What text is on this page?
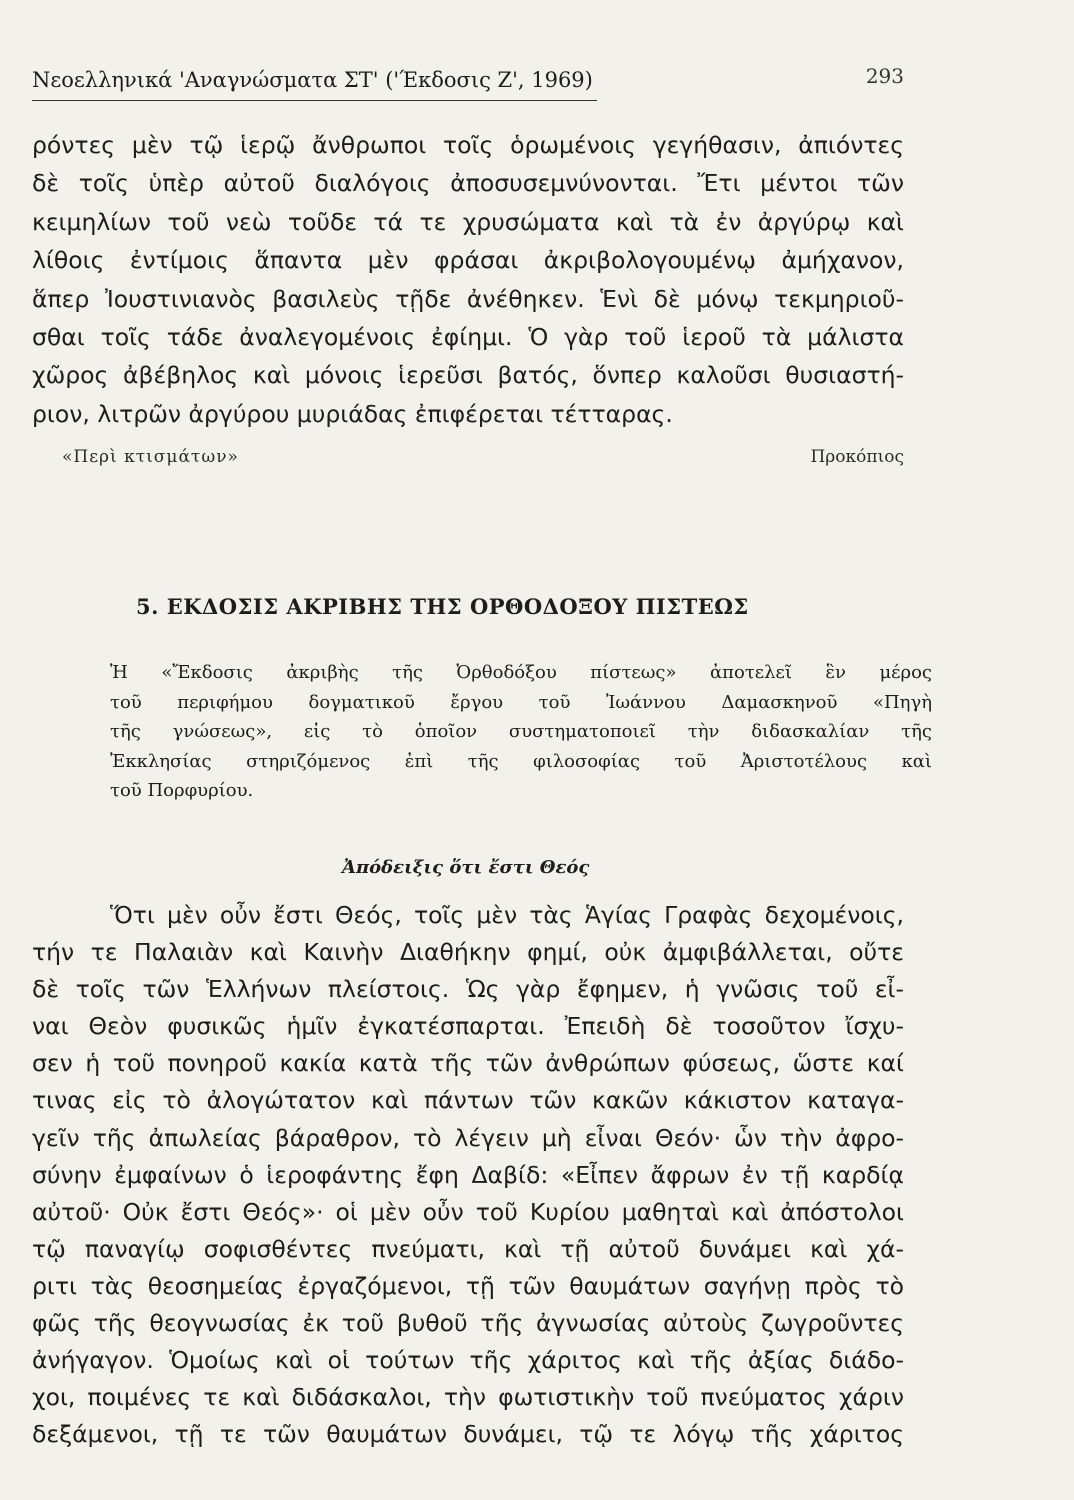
Νεοελληνικά 'Αναγνώσματα ΣΤ' ('Έκδοσις Ζ', 1969)	293
ρόντες μὲν τῷ ἱερῷ ἄνθρωποι τοῖς ὁρωμένοις γεγήθασιν, ἀπιόντες
δὲ τοῖς ὑπὲρ αὐτοῦ διαλόγοις ἀποσυσεμνύνονται. Ἔτι μέντοι τῶν
κειμηλίων τοῦ νεὼ τοῦδε τά τε χρυσώματα καὶ τὰ ἐν ἀργύρῳ καὶ
λίθοις ἐντίμοις ἅπαντα μὲν φράσαι ἀκριβολογουμένῳ ἀμήχανον,
ἅπερ Ἰουστινιανὸς βασιλεὺς τῇδε ἀνέθηκεν. Ἑνὶ δὲ μόνῳ τεκμηριοῦ-
σθαι τοῖς τάδε ἀναλεγομένοις ἐφίημι. Ὁ γὰρ τοῦ ἱεροῦ τὰ μάλιστα
χῶρος ἀβέβηλος καὶ μόνοις ἱερεῦσι βατός, ὅνπερ καλοῦσι θυσιαστή-
ριον, λιτρῶν ἀργύρου μυριάδας ἐπιφέρεται τέτταρας.
«Περὶ κτισμάτων»	Προκόπιος
5. ΕΚΔΟΣΙΣ ΑΚΡΙΒΗΣ ΤΗΣ ΟΡΘΟΔΟΞΟΥ ΠΙΣΤΕΩΣ
Ἡ «Ἔκδοσις ἀκριβὴς τῆς Ὀρθοδόξου πίστεως» ἀποτελεῖ ἓν μέρος
τοῦ περιφήμου δογματικοῦ ἔργου τοῦ Ἰωάννου Δαμασκηνοῦ «Πηγὴ
τῆς γνώσεως», εἰς τὸ ὁποῖον συστηματοποιεῖ τὴν διδασκαλίαν τῆς
Ἐκκλησίας στηριζόμενος ἐπὶ τῆς φιλοσοφίας τοῦ Ἀριστοτέλους καὶ
τοῦ Πορφυρίου.
Ἀπόδειξις ὅτι ἔστι Θεός
Ὅτι μὲν οὖν ἔστι Θεός, τοῖς μὲν τὰς Ἁγίας Γραφὰς δεχομένοις,
τήν τε Παλαιὰν καὶ Καινὴν Διαθήκην φημί, οὐκ ἀμφιβάλλεται, οὔτε
δὲ τοῖς τῶν Ἑλλήνων πλείστοις. Ὡς γὰρ ἔφημεν, ἡ γνῶσις τοῦ εἶ-
ναι Θεὸν φυσικῶς ἡμῖν ἐγκατέσπαρται. Ἐπειδὴ δὲ τοσοῦτον ἴσχυ-
σεν ἡ τοῦ πονηροῦ κακία κατὰ τῆς τῶν ἀνθρώπων φύσεως, ὥστε καί
τινας εἰς τὸ ἀλογώτατον καὶ πάντων τῶν κακῶν κάκιστον καταγα-
γεῖν τῆς ἀπωλείας βάραθρον, τὸ λέγειν μὴ εἶναι Θεόν· ὧν τὴν ἀφρο-
σύνην ἐμφαίνων ὁ ἱεροφάντης ἔφη Δαβίδ: «Εἶπεν ἄφρων ἐν τῇ καρδίᾳ
αὐτοῦ· Οὐκ ἔστι Θεός»· οἱ μὲν οὖν τοῦ Κυρίου μαθηταὶ καὶ ἀπόστολοι
τῷ παναγίῳ σοφισθέντες πνεύματι, καὶ τῇ αὐτοῦ δυνάμει καὶ χά-
ριτι τὰς θεοσημείας ἐργαζόμενοι, τῇ τῶν θαυμάτων σαγήνῃ πρὸς τὸ
φῶς τῆς θεογνωσίας ἐκ τοῦ βυθοῦ τῆς ἀγνωσίας αὐτοὺς ζωγροῦντες
ἀνήγαγον. Ὁμοίως καὶ οἱ τούτων τῆς χάριτος καὶ τῆς ἀξίας διάδο-
χοι, ποιμένες τε καὶ διδάσκαλοι, τὴν φωτιστικὴν τοῦ πνεύματος χάριν
δεξάμενοι, τῇ τε τῶν θαυμάτων δυνάμει, τῷ τε λόγῳ τῆς χάριτος
